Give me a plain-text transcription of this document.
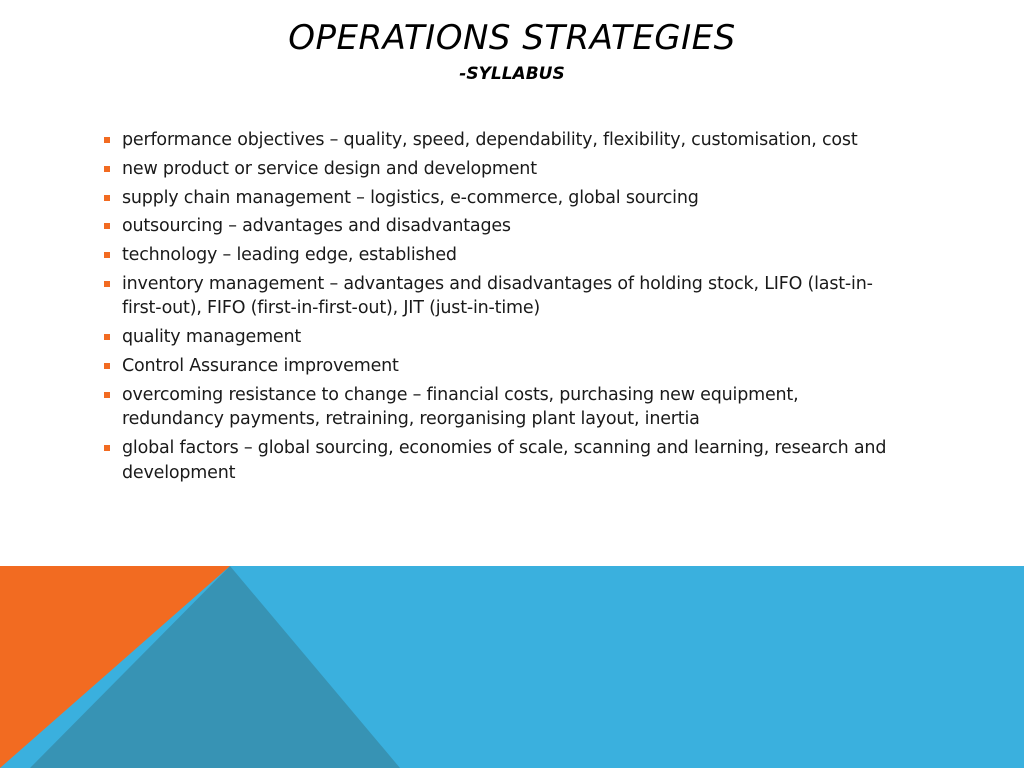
OPERATIONS STRATEGIES
-SYLLABUS
performance objectives – quality, speed, dependability, flexibility, customisation, cost
new product or service design and development
supply chain management – logistics, e-commerce, global sourcing
outsourcing – advantages and disadvantages
technology – leading edge, established
inventory management – advantages and disadvantages of holding stock, LIFO (last-in-first-out), FIFO (first-in-first-out), JIT (just-in-time)
quality management
Control Assurance improvement
overcoming resistance to change – financial costs, purchasing new equipment, redundancy payments, retraining, reorganising plant layout, inertia
global factors – global sourcing, economies of scale, scanning and learning, research and development
